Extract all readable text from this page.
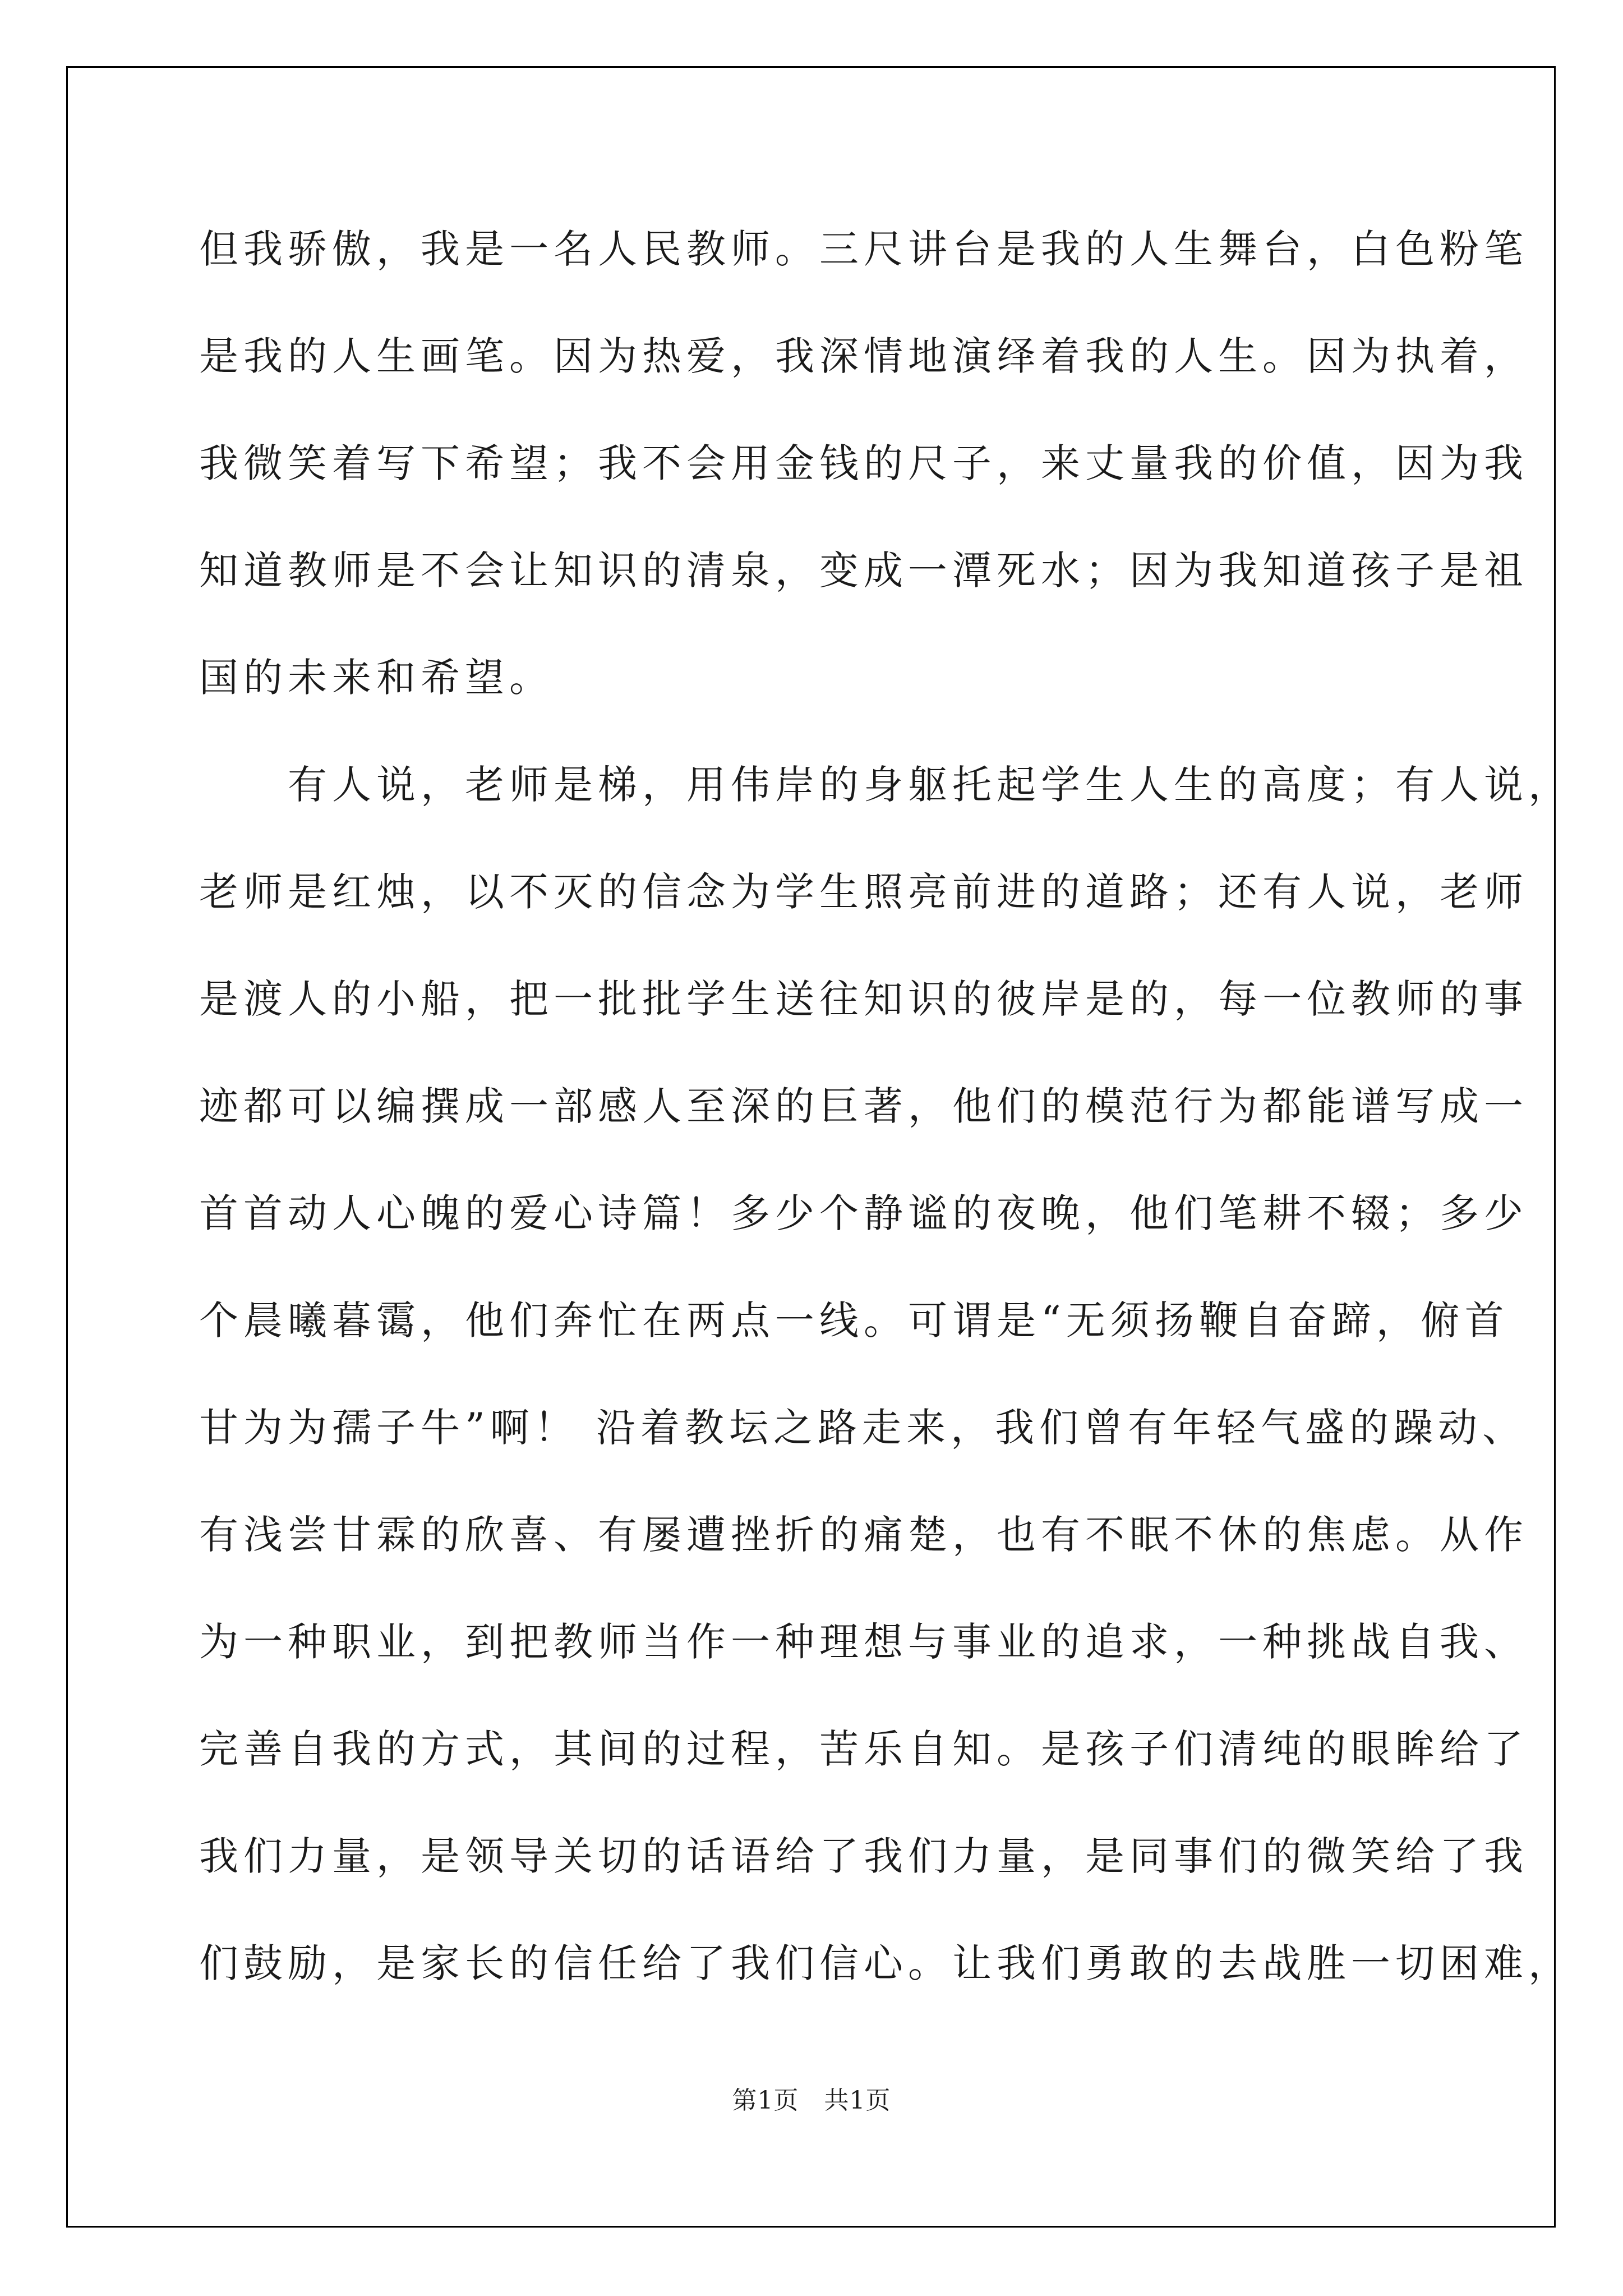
但我骄傲，我是一名人民教师。三尺讲台是我的人生舞台，白色粉笔
是我的人生画笔。因为热爱，我深情地演绎着我的人生。因为执着，
我微笑着写下希望；我不会用金钱的尺子，来丈量我的价值，因为我
知道教师是不会让知识的清泉，变成一潭死水；因为我知道孩子是祖
国的未来和希望。
　　有人说，老师是梯，用伟岸的身躯托起学生人生的高度；有人说，
老师是红烛，以不灭的信念为学生照亮前进的道路；还有人说，老师
是渡人的小船，把一批批学生送往知识的彼岸是的，每一位教师的事
迹都可以编撰成一部感人至深的巨著，他们的模范行为都能谱写成一
首首动人心魄的爱心诗篇！多少个静谧的夜晚，他们笔耕不辍；多少
个晨曦暮霭，他们奔忙在两点一线。可谓是“无须扬鞭自奋蹄，俯首
甘为为孺子牛”啊！ 沿着教坛之路走来，我们曾有年轻气盛的躁动、
有浅尝甘霖的欣喜、有屡遭挫折的痛楚，也有不眠不休的焦虑。从作
为一种职业，到把教师当作一种理想与事业的追求，一种挑战自我、
完善自我的方式，其间的过程，苦乐自知。是孩子们清纯的眼眸给了
我们力量，是领导关切的话语给了我们力量，是同事们的微笑给了我
们鼓励，是家长的信任给了我们信心。让我们勇敢的去战胜一切困难，
第1页   共1页
